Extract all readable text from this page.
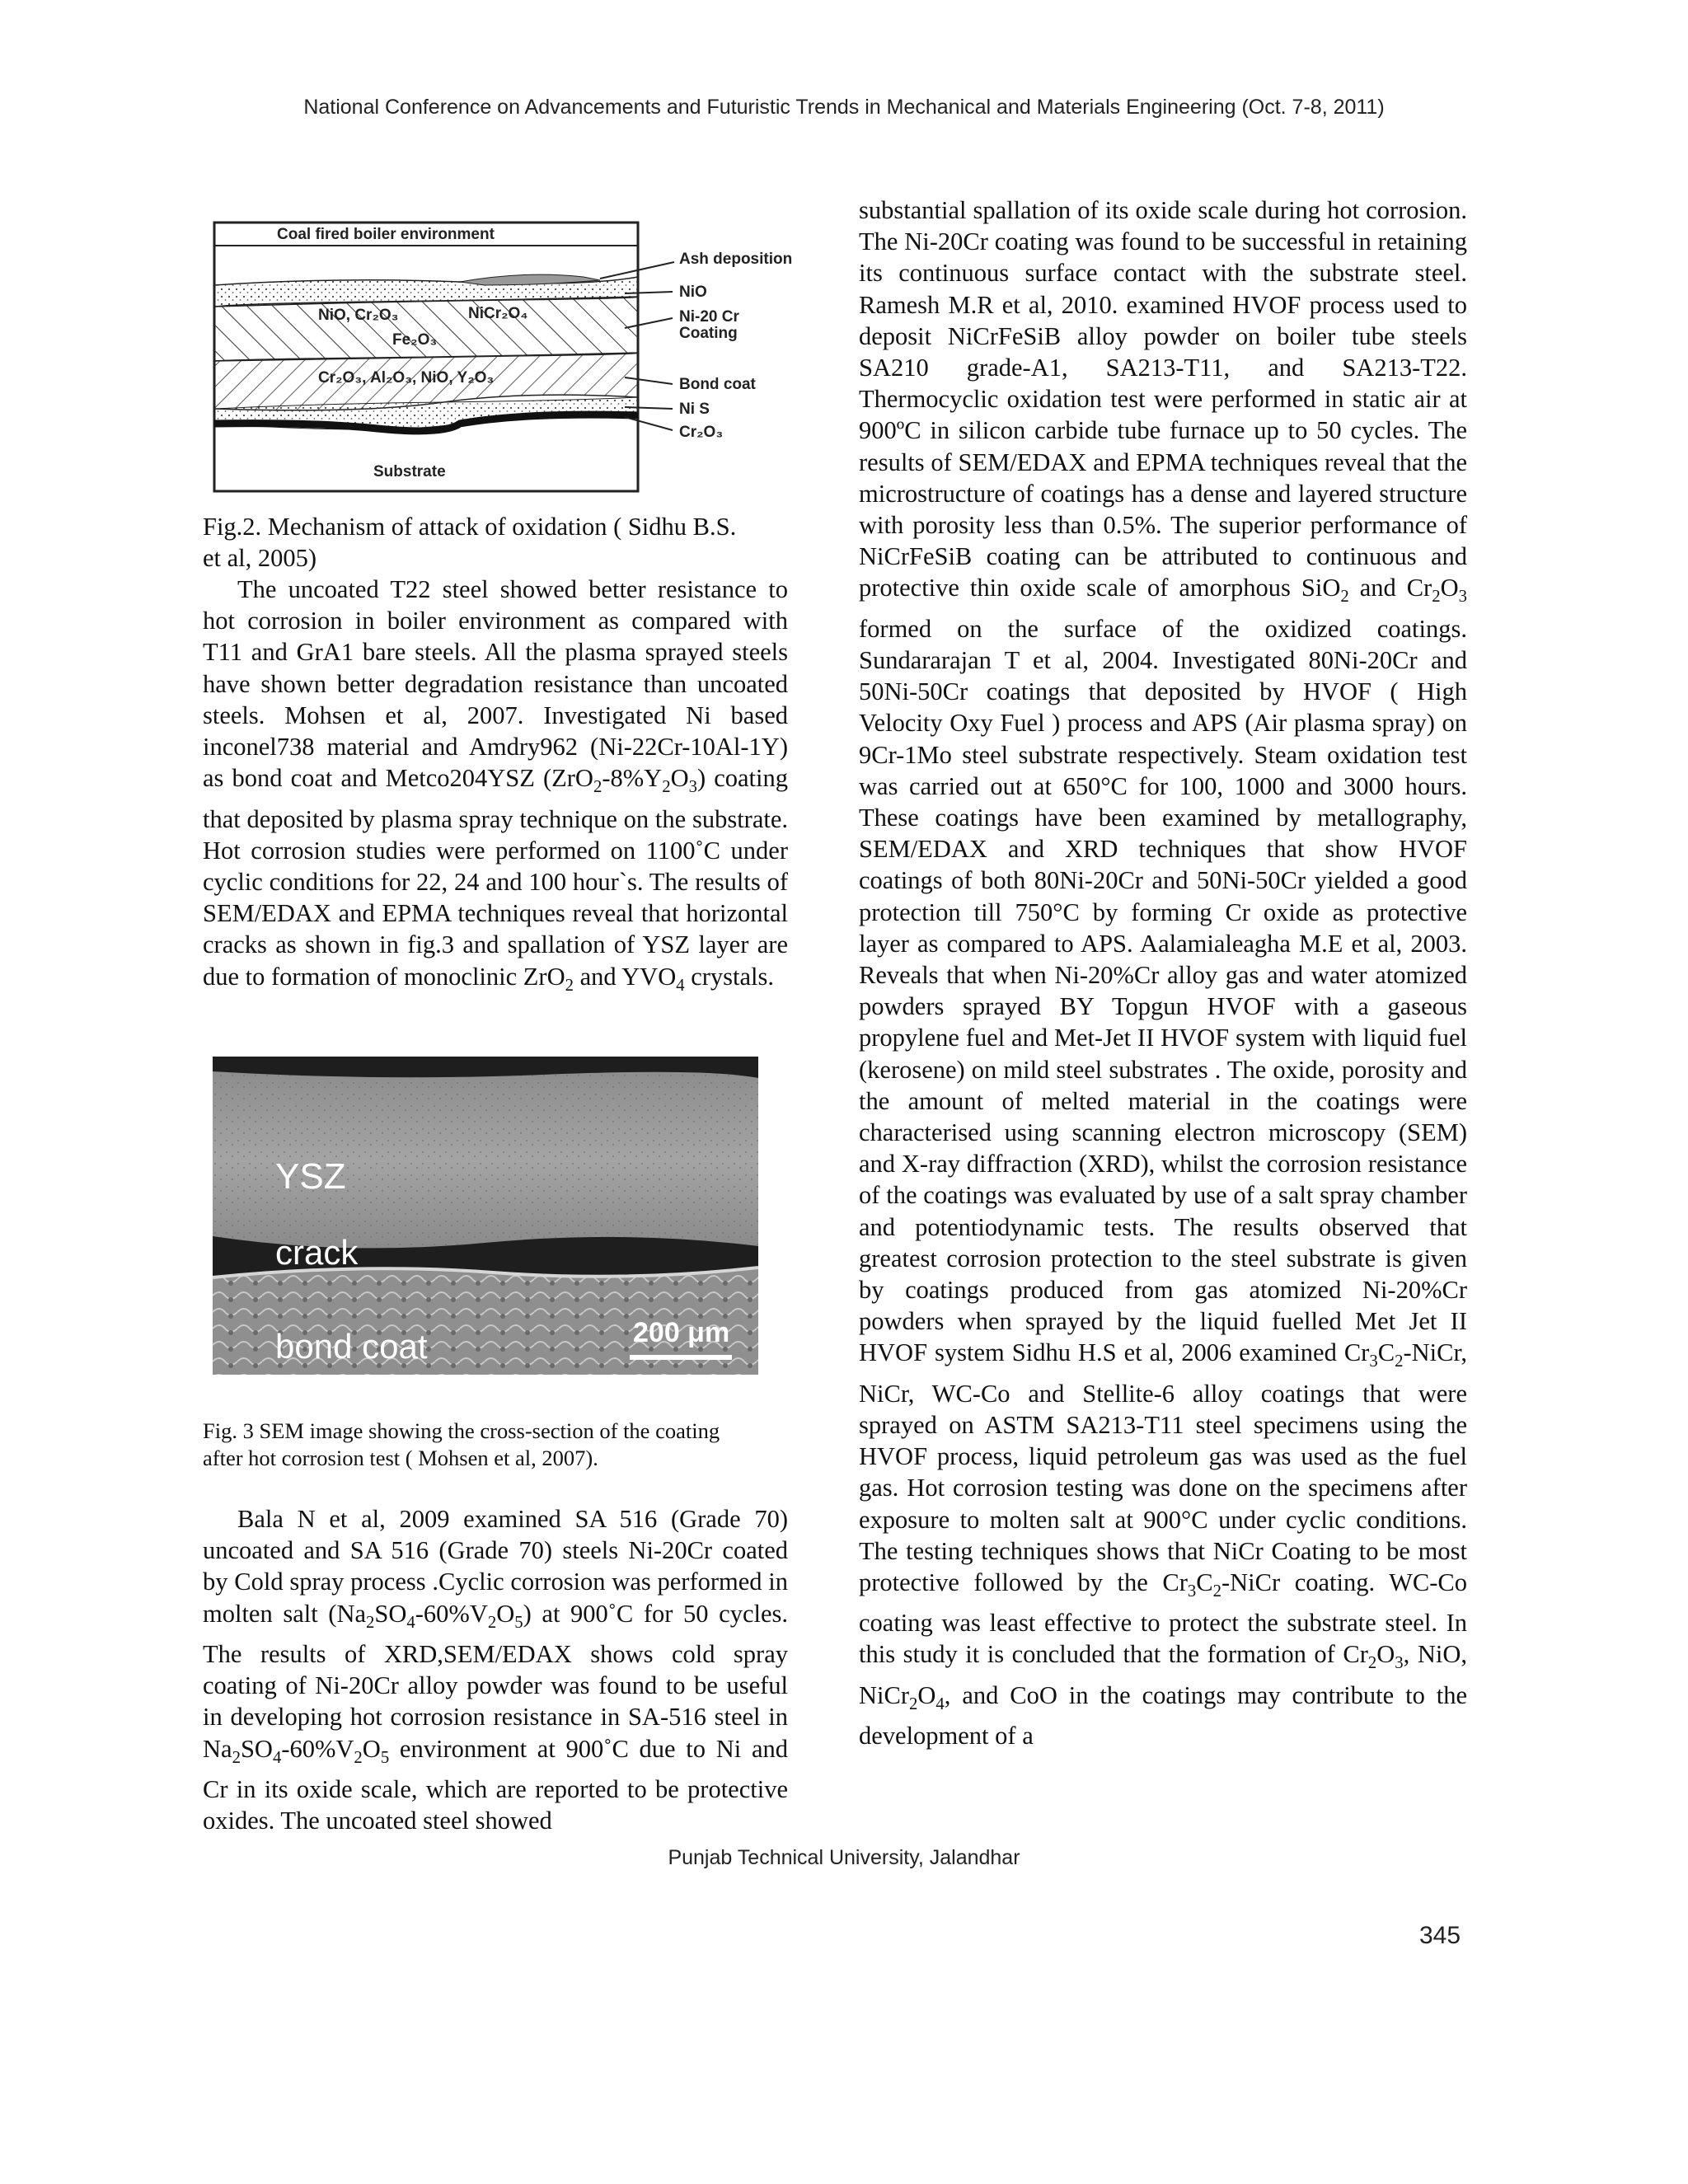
National Conference on Advancements and Futuristic Trends in Mechanical and Materials Engineering (Oct. 7-8, 2011)
Coal fired boiler environment
NiO, Cr₂O₃	NiCr₂O₄
Fe₂O₃
Cr₂O₃, Al₂O₃, NiO, Y₂O₃
Substrate
Ash deposition
NiO
Ni-20 Cr
Coating
Bond coat
Ni S
Cr₂O₃

Fig.2. Mechanism of attack of oxidation ( Sidhu B.S.

et al, 2005)

The uncoated T22 steel showed better resistance to hot corrosion in boiler environment as compared with T11 and GrA1 bare steels. All the plasma sprayed steels have shown better degradation resistance than uncoated steels. Mohsen et al, 2007. Investigated Ni based inconel738 material and Amdry962 (Ni-22Cr-10Al-1Y) as bond coat and Metco204YSZ $(ZrO_2-8\%Y_2O_3)$ coating that deposited by plasma spray technique on the substrate. Hot corrosion studies were performed on 1100˚C under cyclic conditions for 22, 24 and 100 hour`s. The results of SEM/EDAX and EPMA techniques reveal that horizontal cracks as shown in fig.3 and spallation of YSZ layer are due to formation of monoclinic ZrO$_2$ and $YVO_4$ crystals.

YSZ
crack
bond coat	200 μm

Fig. 3 SEM image showing the cross-section of the coating

after hot corrosion test ( Mohsen et al, 2007).

Bala N et al, 2009 examined SA 516 (Grade 70) uncoated and SA 516 (Grade 70) steels Ni-20Cr coated by Cold spray process .Cyclic corrosion was performed in molten salt $(Na_2SO_4-60\%V_2O_5)$ at 900˚C for 50 cycles. The results of XRD,SEM/EDAX shows cold spray coating of Ni-20Cr alloy powder was found to be useful in developing hot corrosion resistance in SA-516 steel in $Na_2SO_4-60\%V_2O_5$ environment at 900˚C due to Ni and Cr in its oxide scale, which are reported to be protective oxides. The uncoated steel showed

substantial spallation of its oxide scale during hot corrosion. The Ni-20Cr coating was found to be successful in retaining its continuous surface contact with the substrate steel. Ramesh M.R et al, 2010. examined HVOF process used to deposit NiCrFeSiB alloy powder on boiler tube steels SA210 grade-A1, SA213-T11, and SA213-T22. Thermocyclic oxidation test were performed in static air at 900ºC in silicon carbide tube furnace up to 50 cycles. The results of SEM/EDAX and EPMA techniques reveal that the microstructure of coatings has a dense and layered structure with porosity less than 0.5%. The superior performance of NiCrFeSiB coating can be attributed to continuous and protective thin oxide scale of amorphous SiO$_2$ and $Cr_2O_3$ formed on the surface of the oxidized coatings. Sundararajan T et al, 2004. Investigated 80Ni-20Cr and 50Ni-50Cr coatings that deposited by HVOF ( High Velocity Oxy Fuel ) process and APS (Air plasma spray) on 9Cr-1Mo steel substrate respectively. Steam oxidation test was carried out at 650°C for 100, 1000 and 3000 hours. These coatings have been examined by metallography, SEM/EDAX and XRD techniques that show HVOF coatings of both 80Ni-20Cr and 50Ni-50Cr yielded a good protection till 750°C by forming Cr oxide as protective layer as compared to APS. Aalamialeagha M.E et al, 2003. Reveals that when Ni-20%Cr alloy gas and water atomized powders sprayed BY Topgun HVOF with a gaseous propylene fuel and Met-Jet II HVOF system with liquid fuel (kerosene) on mild steel substrates . The oxide, porosity and the amount of melted material in the coatings were characterised using scanning electron microscopy (SEM) and X-ray diffraction (XRD), whilst the corrosion resistance of the coatings was evaluated by use of a salt spray chamber and potentiodynamic tests. The results observed that greatest corrosion protection to the steel substrate is given by coatings produced from gas atomized Ni-20%Cr powders when sprayed by the liquid fuelled Met Jet II HVOF system Sidhu H.S et al, 2006 examined $Cr_3C_2$-NiCr, NiCr, WC-Co and Stellite-6 alloy coatings that were sprayed on ASTM SA213-T11 steel specimens using the HVOF process, liquid petroleum gas was used as the fuel gas. Hot corrosion testing was done on the specimens after exposure to molten salt at 900°C under cyclic conditions. The testing techniques shows that NiCr Coating to be most protective followed by the $Cr_3C_2$-NiCr coating. WC-Co coating was least effective to protect the substrate steel. In this study it is concluded that the formation of $Cr_2O_3$, NiO, $NiCr_2O_4$, and CoO in the coatings may contribute to the development of a

Punjab Technical University, Jalandhar
345
